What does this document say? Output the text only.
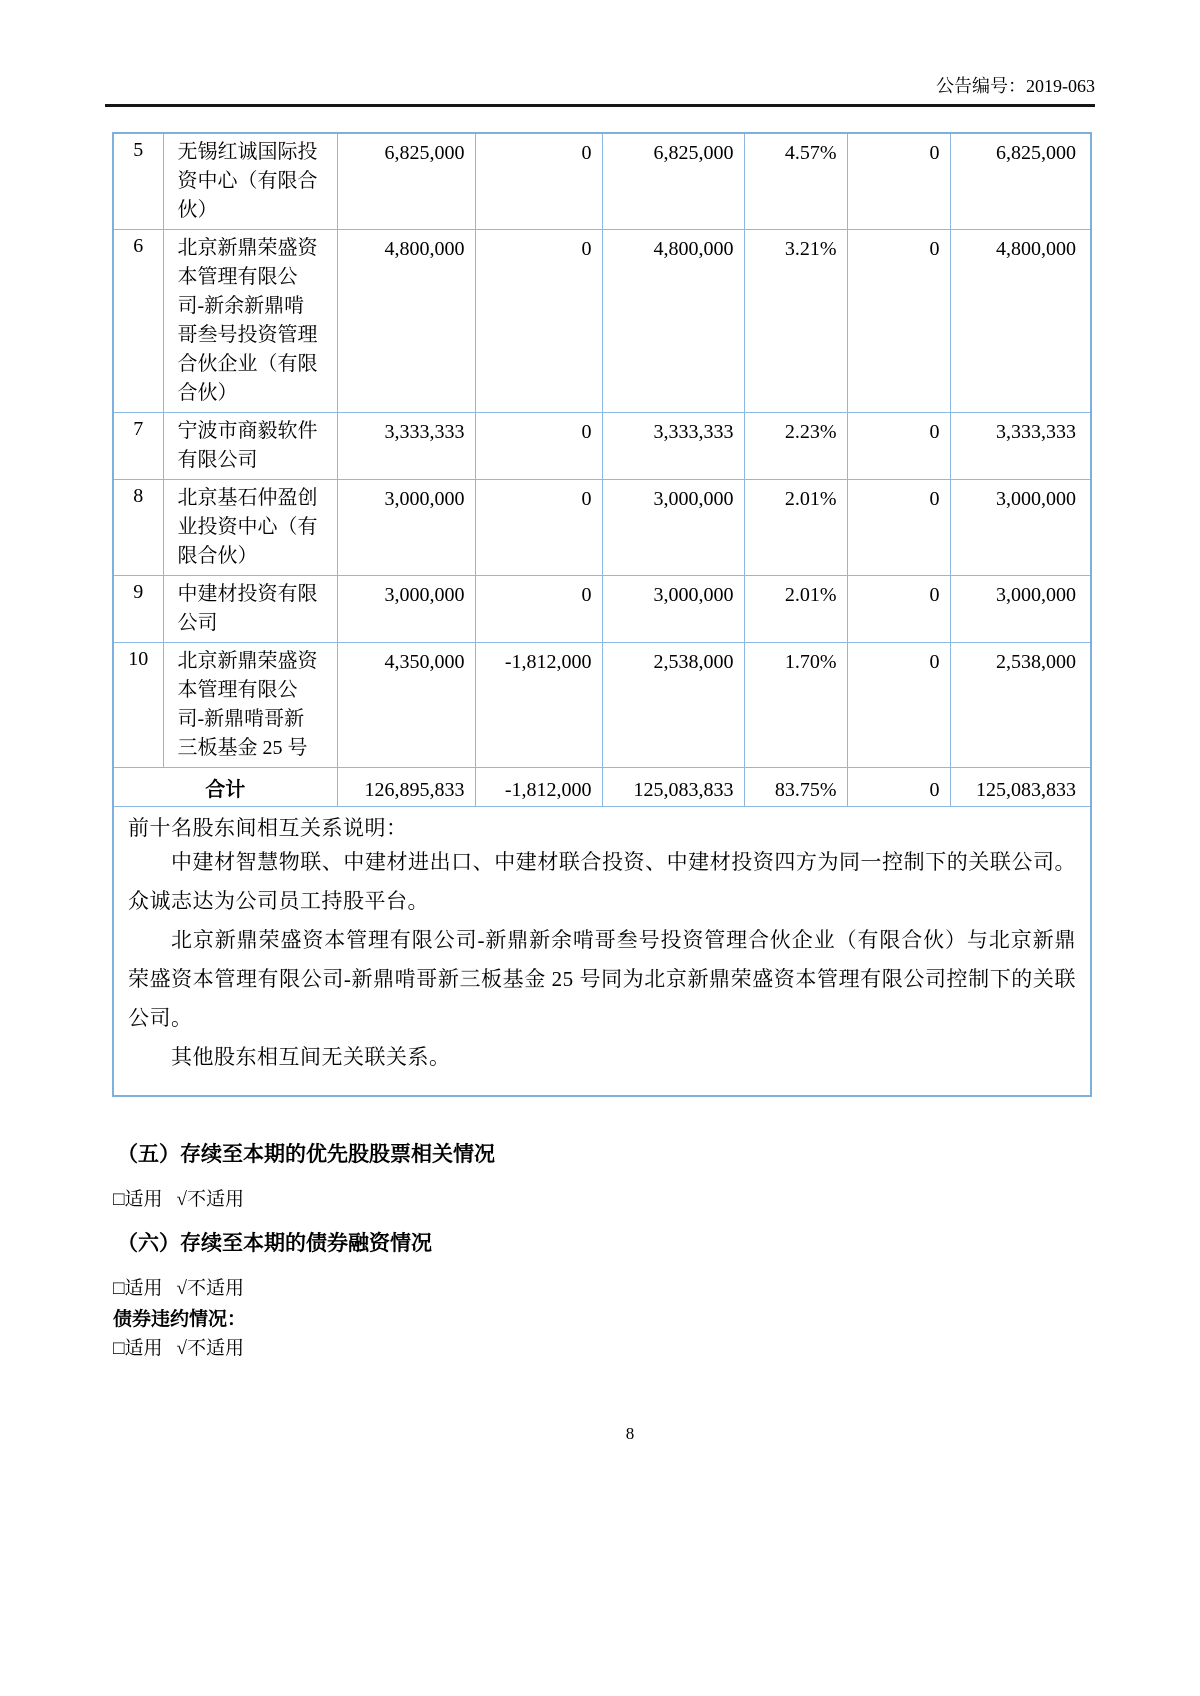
公告编号：2019-063
5	无锡红诚国际投资中心（有限合伙）	6,825,000	0	6,825,000	4.57%	0	6,825,000
6	北京新鼎荣盛资本管理有限公司-新余新鼎啃哥叁号投资管理合伙企业（有限合伙）	4,800,000	0	4,800,000	3.21%	0	4,800,000
7	宁波市商毅软件有限公司	3,333,333	0	3,333,333	2.23%	0	3,333,333
8	北京基石仲盈创业投资中心（有限合伙）	3,000,000	0	3,000,000	2.01%	0	3,000,000
9	中建材投资有限公司	3,000,000	0	3,000,000	2.01%	0	3,000,000
10	北京新鼎荣盛资本管理有限公司-新鼎啃哥新三板基金 25 号	4,350,000	-1,812,000	2,538,000	1.70%	0	2,538,000
合计		126,895,833	-1,812,000	125,083,833	83.75%	0	125,083,833

前十名股东间相互关系说明：

中建材智慧物联、中建材进出口、中建材联合投资、中建材投资四方为同一控制下的关联公司。众诚志达为公司员工持股平台。

北京新鼎荣盛资本管理有限公司-新鼎新余啃哥叁号投资管理合伙企业（有限合伙）与北京新鼎荣盛资本管理有限公司-新鼎啃哥新三板基金 25 号同为北京新鼎荣盛资本管理有限公司控制下的关联公司。

其他股东相互间无关联关系。							

（五）存续至本期的优先股股票相关情况
□适用 √不适用
（六）存续至本期的债券融资情况
□适用 √不适用
债券违约情况：
□适用 √不适用
8
